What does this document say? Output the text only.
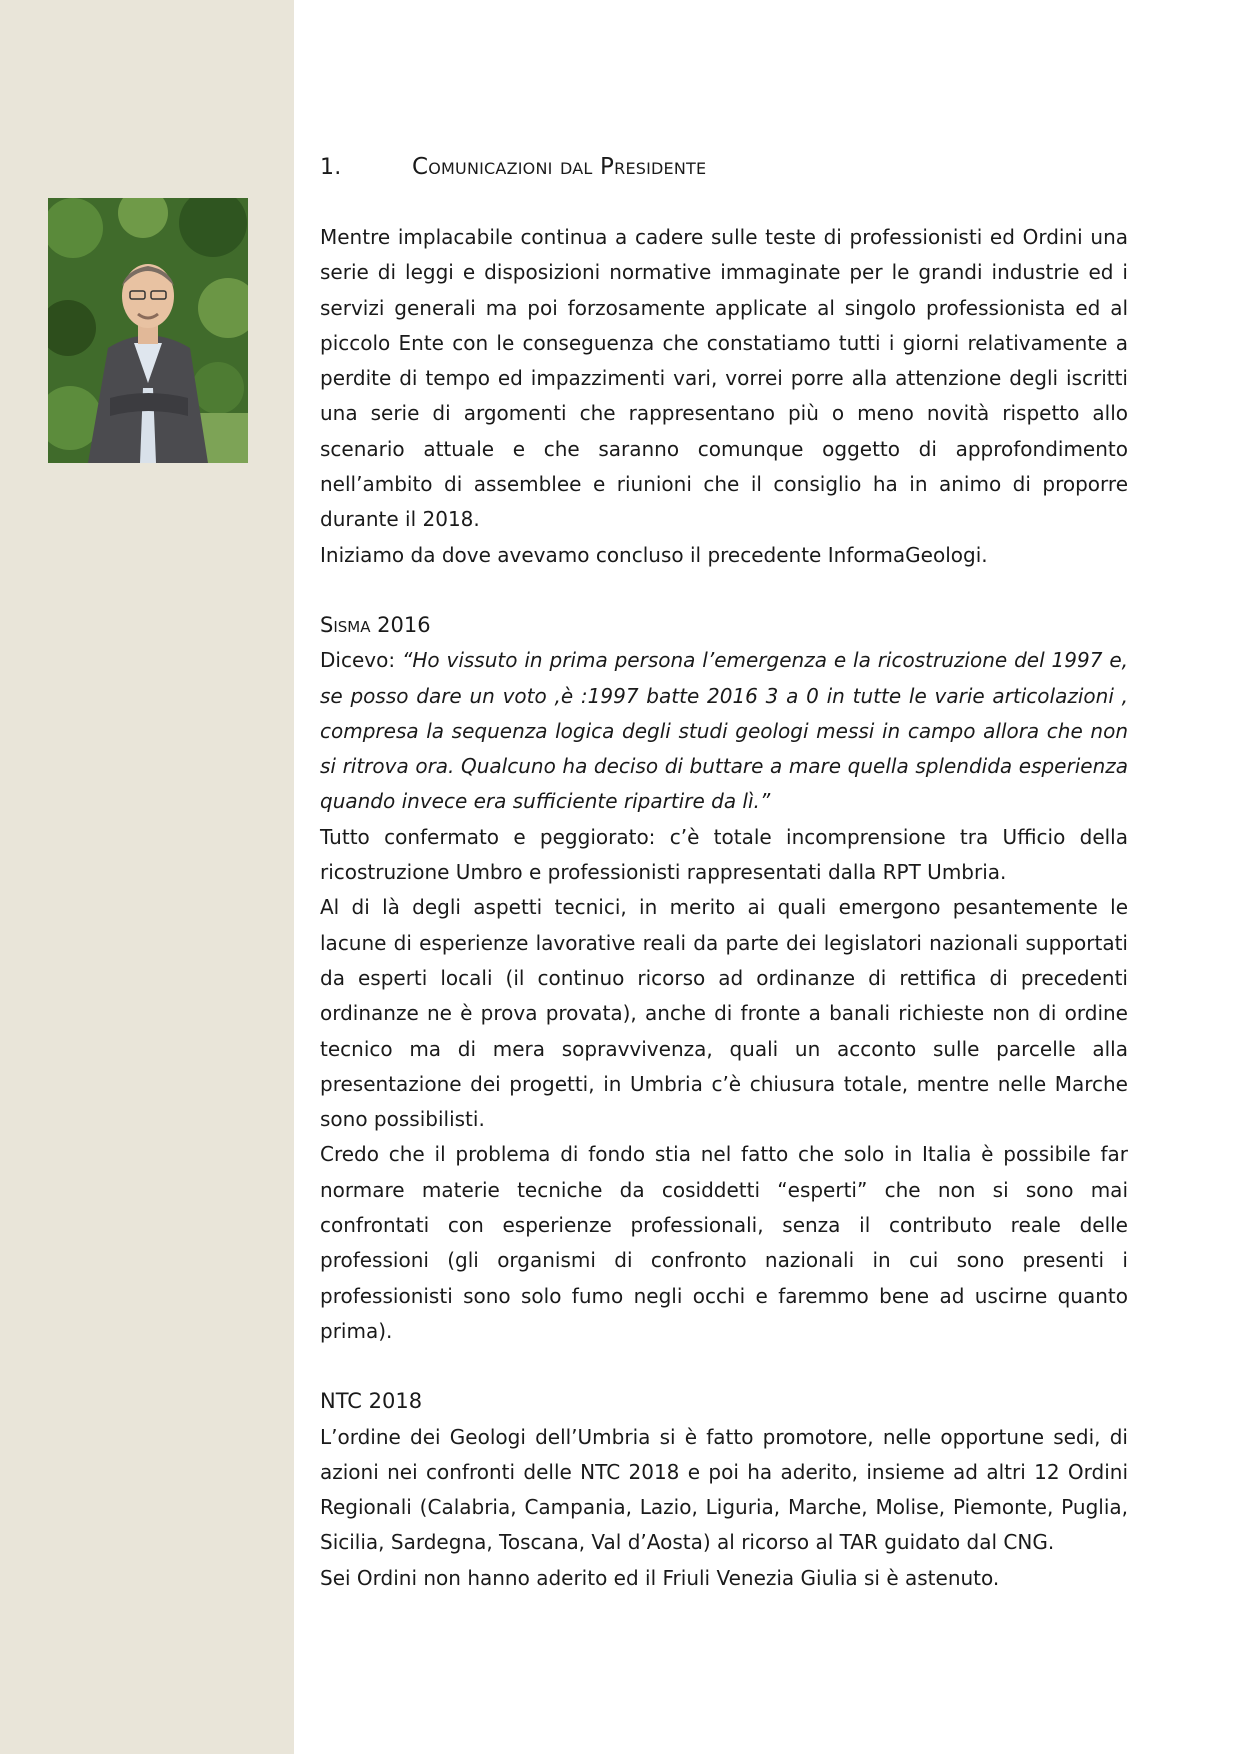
1.	Comunicazioni dal Presidente

Mentre implacabile continua a cadere sulle teste di professionisti ed Ordini una serie di leggi e disposizioni normative immaginate per le grandi industrie ed i servizi generali ma poi forzosamente applicate al singolo professionista ed al piccolo Ente con le conseguenza che constatiamo tutti i giorni relativamente a perdite di tempo ed impazzimenti vari, vorrei porre alla attenzione degli iscritti una serie di argomenti che rappresentano più o meno novità rispetto allo scenario attuale e che saranno comunque oggetto di approfondimento nell’ambito di assemblee e riunioni che il consiglio ha in animo di proporre durante il 2018.

Iniziamo da dove avevamo concluso il precedente InformaGeologi.

Sisma 2016

Dicevo: “Ho vissuto in prima persona l’emergenza e la ricostruzione del 1997 e, se posso dare un voto ,è :1997 batte 2016 3 a 0 in tutte le varie articolazioni , compresa la sequenza logica degli studi geologi messi in campo allora che non si ritrova ora. Qualcuno ha deciso di buttare a mare quella splendida esperienza quando invece era sufficiente ripartire da lì.”

Tutto confermato e peggiorato: c’è totale incomprensione tra Ufficio della ricostruzione Umbro e professionisti rappresentati dalla RPT Umbria.

Al di là degli aspetti tecnici, in merito ai quali emergono pesantemente le lacune di esperienze lavorative reali da parte dei legislatori nazionali supportati da esperti locali (il continuo ricorso ad ordinanze di rettifica di precedenti ordinanze ne è prova provata), anche di fronte a banali richieste non di ordine tecnico ma di mera sopravvivenza, quali un acconto sulle parcelle alla presentazione dei progetti, in Umbria c’è chiusura totale, mentre nelle Marche sono possibilisti.

Credo che il problema di fondo stia nel fatto che solo in Italia è possibile far normare materie tecniche da cosiddetti “esperti” che non si sono mai confrontati con esperienze professionali, senza il contributo reale delle professioni (gli organismi di confronto nazionali in cui sono presenti i professionisti sono solo fumo negli occhi e faremmo bene ad uscirne quanto prima).

NTC 2018

L’ordine dei Geologi dell’Umbria si è fatto promotore, nelle opportune sedi, di azioni nei confronti delle NTC 2018 e poi ha aderito, insieme ad altri 12 Ordini Regionali (Calabria, Campania, Lazio, Liguria, Marche, Molise, Piemonte, Puglia, Sicilia, Sardegna, Toscana, Val d’Aosta) al ricorso al TAR guidato dal CNG.

Sei Ordini non hanno aderito ed il Friuli Venezia Giulia si è astenuto.
